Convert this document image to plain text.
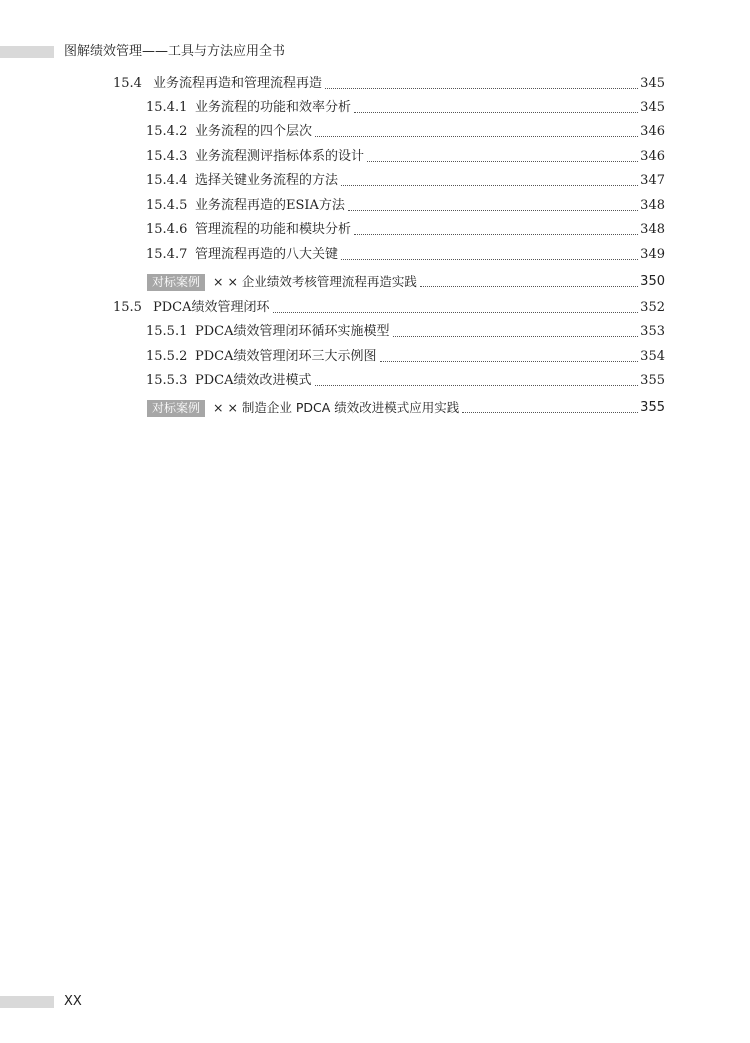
图解绩效管理——工具与方法应用全书
15.4 业务流程再造和管理流程再造	345
15.4.1 业务流程的功能和效率分析	345
15.4.2 业务流程的四个层次	346
15.4.3 业务流程测评指标体系的设计	346
15.4.4 选择关键业务流程的方法	347
15.4.5 业务流程再造的ESIA方法	348
15.4.6 管理流程的功能和模块分析	348
15.4.7 管理流程再造的八大关键	349
对标案例	× × 企业绩效考核管理流程再造实践	350
15.5 PDCA绩效管理闭环	352
15.5.1 PDCA绩效管理闭环循环实施模型	353
15.5.2 PDCA绩效管理闭环三大示例图	354
15.5.3 PDCA绩效改进模式	355
对标案例	× × 制造企业 PDCA 绩效改进模式应用实践	355
XX
